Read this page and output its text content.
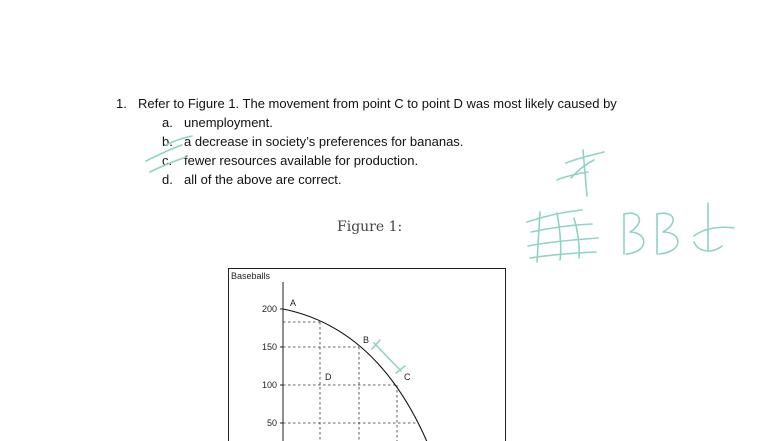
1. Refer to Figure 1. The movement from point C to point D was most likely caused by
a. unemployment.
b. a decrease in society’s preferences for bananas.
c. fewer resources available for production.
d. all of the above are correct.
Figure 1:
Baseballs
200
150
100
50
A
B
C
D
